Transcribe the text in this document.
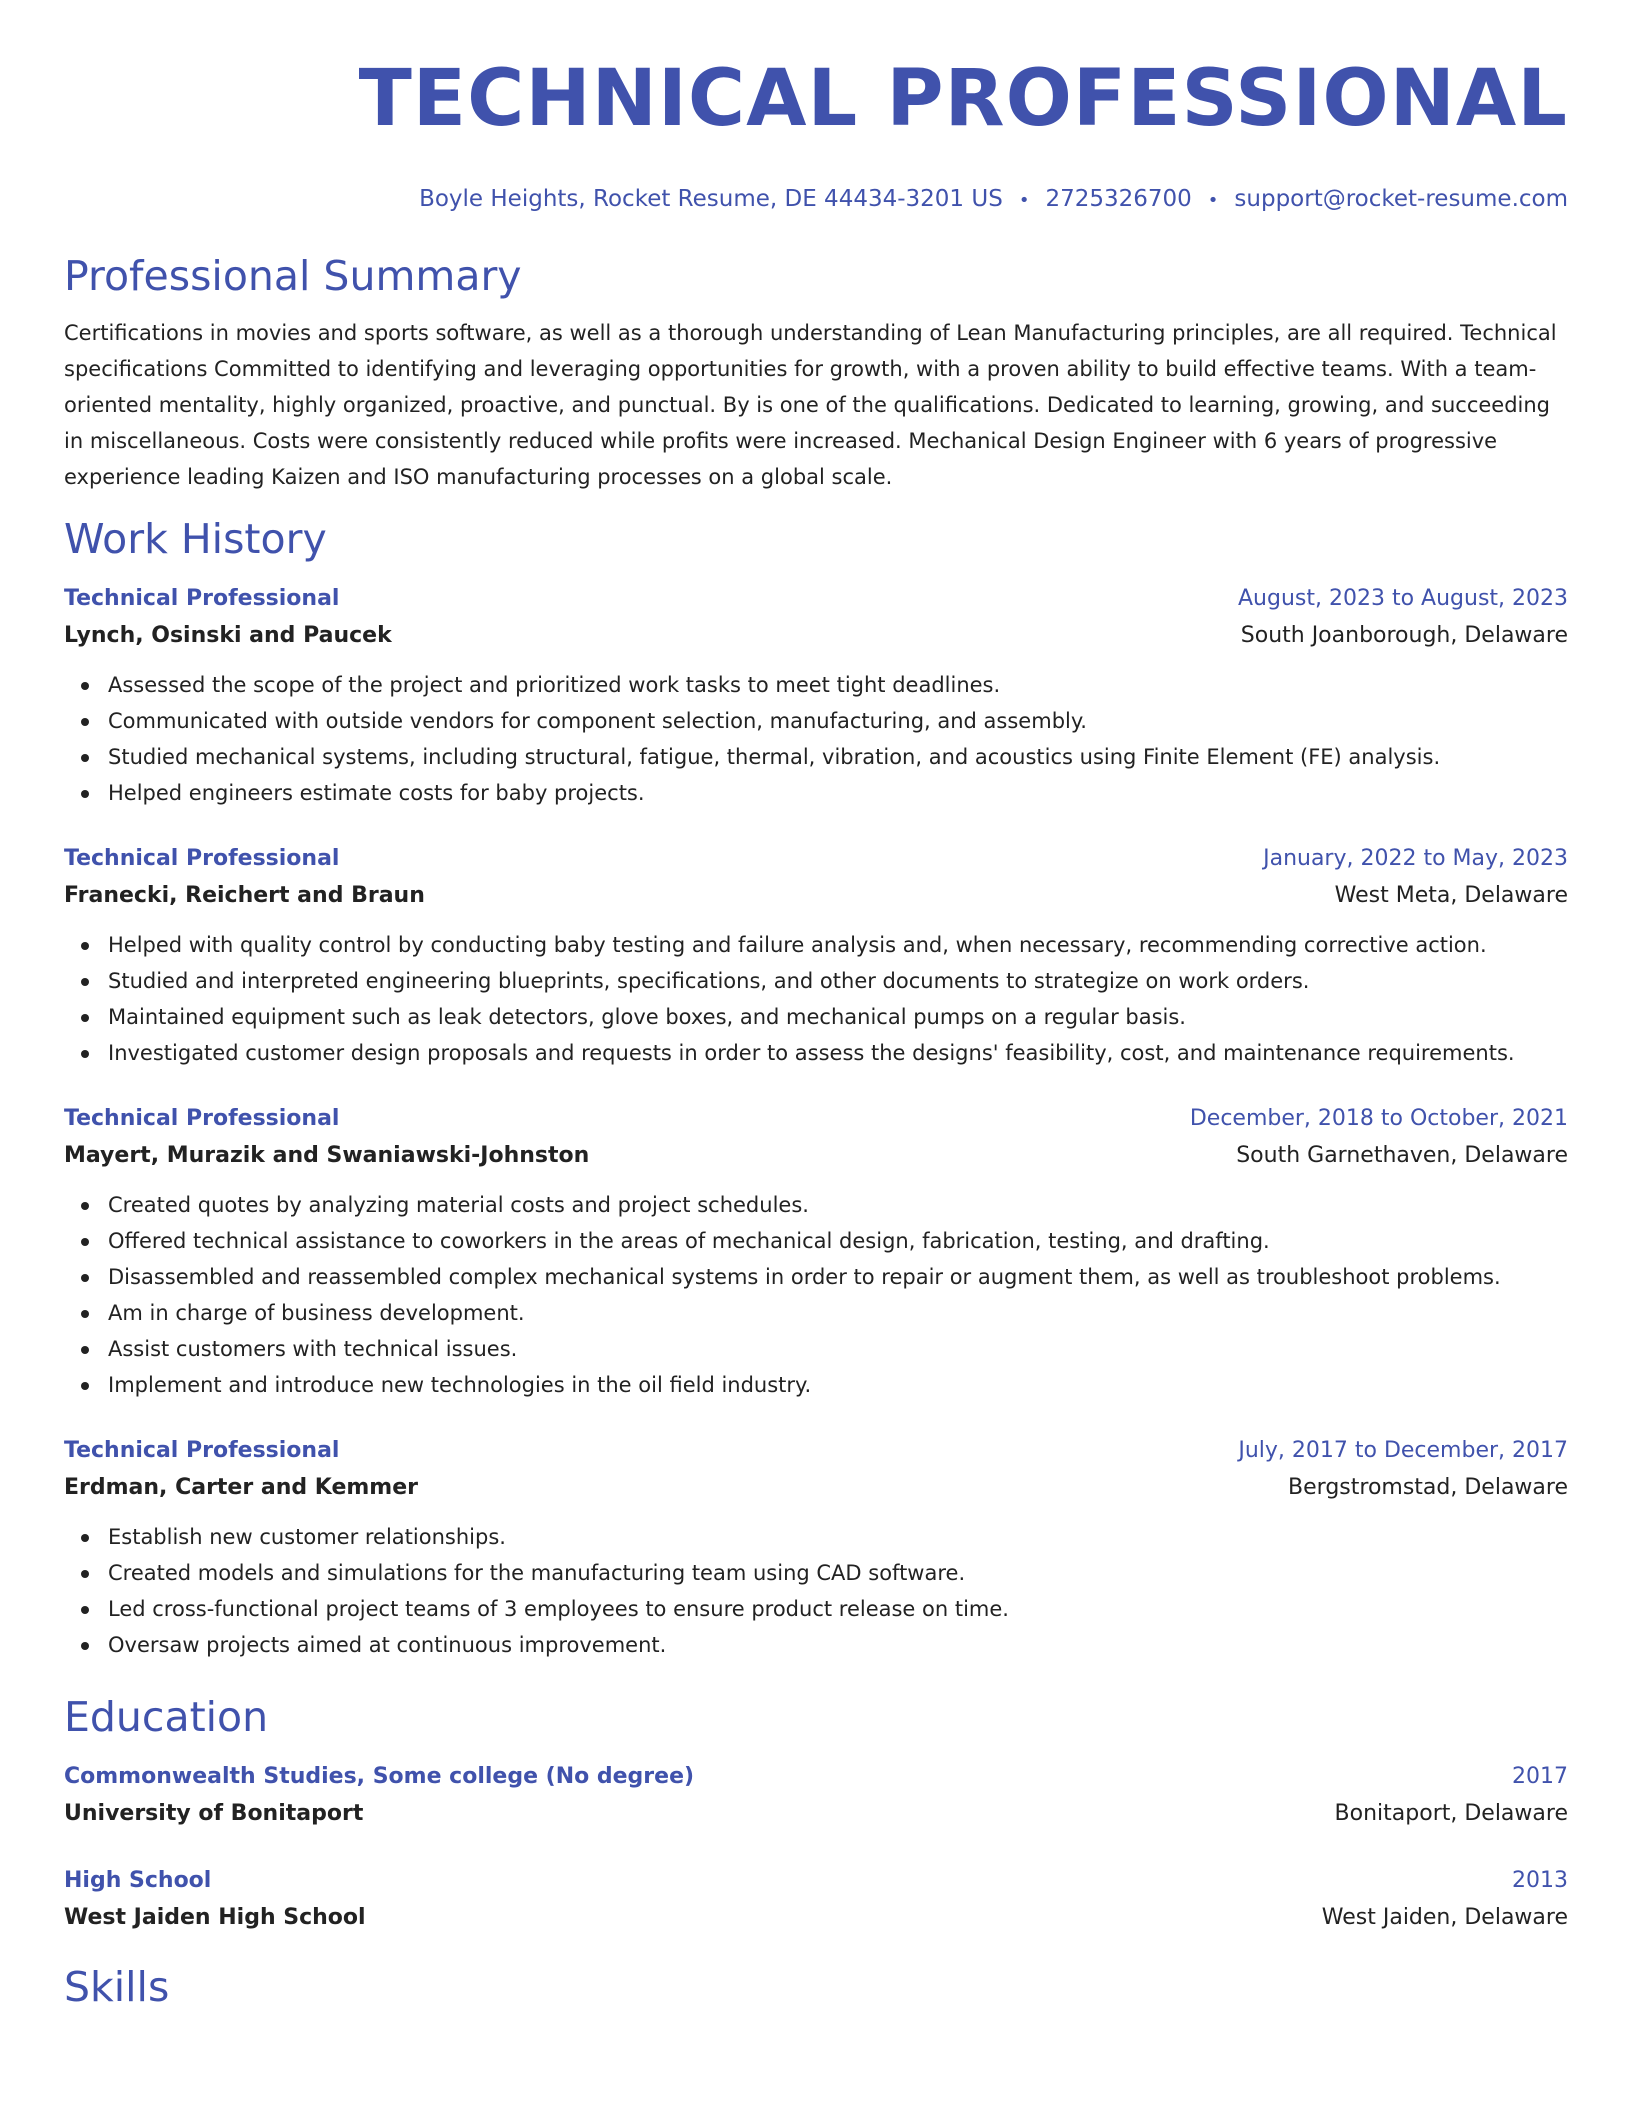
TECHNICAL PROFESSIONAL
Boyle Heights, Rocket Resume, DE 44434-3201 US • 2725326700 • support@rocket-resume.com
Professional Summary
Certifications in movies and sports software, as well as a thorough understanding of Lean Manufacturing principles, are all required. Technical specifications Committed to identifying and leveraging opportunities for growth, with a proven ability to build effective teams. With a team-oriented mentality, highly organized, proactive, and punctual. By is one of the qualifications. Dedicated to learning, growing, and succeeding in miscellaneous. Costs were consistently reduced while profits were increased. Mechanical Design Engineer with 6 years of progressive experience leading Kaizen and ISO manufacturing processes on a global scale.
Work History
Technical Professional	August, 2023 to August, 2023
Lynch, Osinski and Paucek	South Joanborough, Delaware
Assessed the scope of the project and prioritized work tasks to meet tight deadlines.
Communicated with outside vendors for component selection, manufacturing, and assembly.
Studied mechanical systems, including structural, fatigue, thermal, vibration, and acoustics using Finite Element (FE) analysis.
Helped engineers estimate costs for baby projects.
Technical Professional	January, 2022 to May, 2023
Franecki, Reichert and Braun	West Meta, Delaware
Helped with quality control by conducting baby testing and failure analysis and, when necessary, recommending corrective action.
Studied and interpreted engineering blueprints, specifications, and other documents to strategize on work orders.
Maintained equipment such as leak detectors, glove boxes, and mechanical pumps on a regular basis.
Investigated customer design proposals and requests in order to assess the designs' feasibility, cost, and maintenance requirements.
Technical Professional	December, 2018 to October, 2021
Mayert, Murazik and Swaniawski-Johnston	South Garnethaven, Delaware
Created quotes by analyzing material costs and project schedules.
Offered technical assistance to coworkers in the areas of mechanical design, fabrication, testing, and drafting.
Disassembled and reassembled complex mechanical systems in order to repair or augment them, as well as troubleshoot problems.
Am in charge of business development.
Assist customers with technical issues.
Implement and introduce new technologies in the oil field industry.
Technical Professional	July, 2017 to December, 2017
Erdman, Carter and Kemmer	Bergstromstad, Delaware
Establish new customer relationships.
Created models and simulations for the manufacturing team using CAD software.
Led cross-functional project teams of 3 employees to ensure product release on time.
Oversaw projects aimed at continuous improvement.
Education
Commonwealth Studies, Some college (No degree)	2017
University of Bonitaport	Bonitaport, Delaware
High School	2013
West Jaiden High School	West Jaiden, Delaware
Skills
